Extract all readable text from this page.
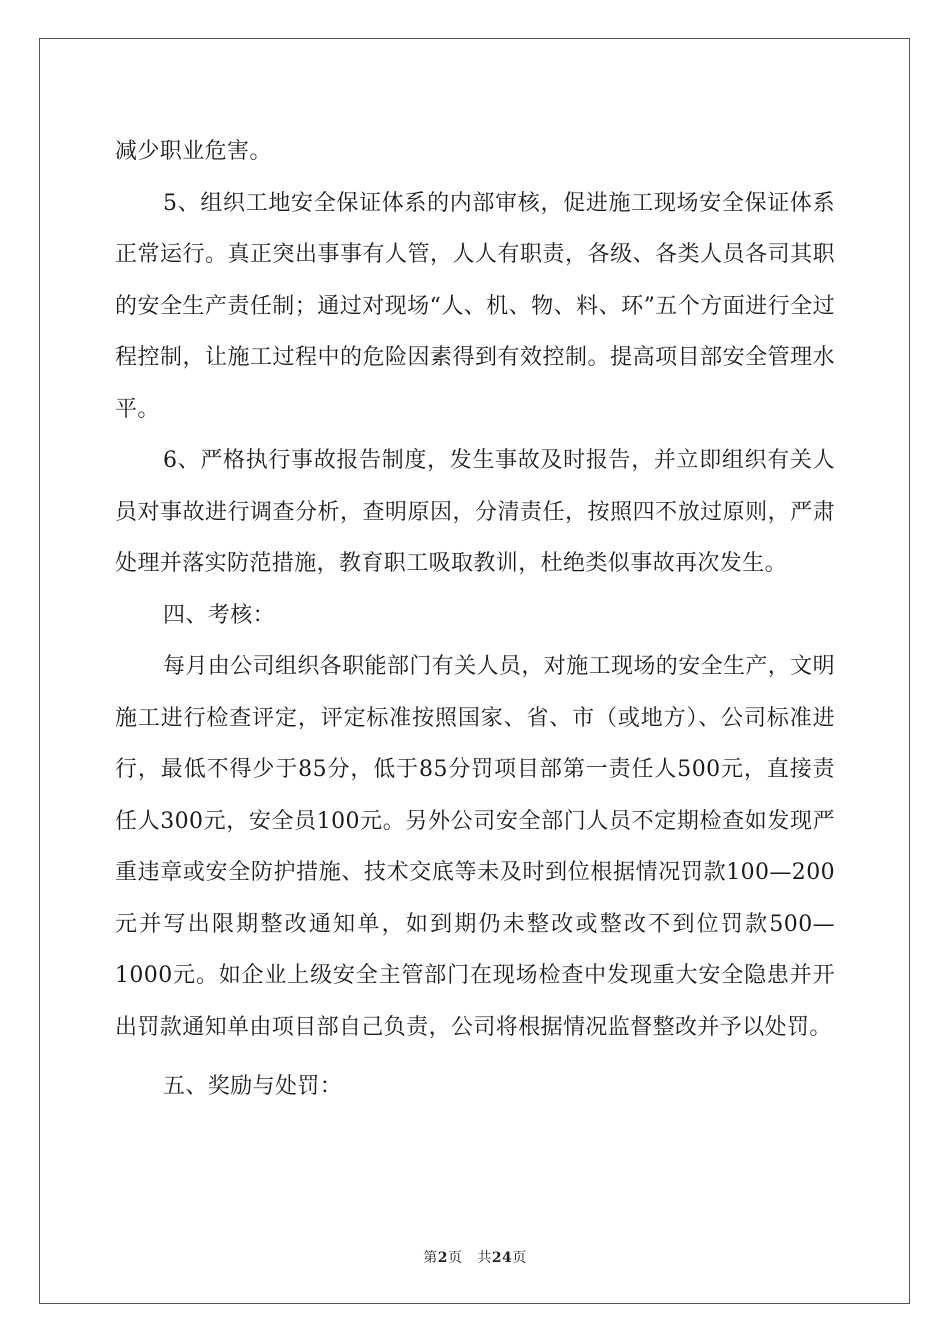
减少职业危害。

5、组织工地安全保证体系的内部审核，促进施工现场安全保证体系正常运行。真正突出事事有人管，人人有职责，各级、各类人员各司其职的安全生产责任制；通过对现场“人、机、物、料、环”五个方面进行全过程控制，让施工过程中的危险因素得到有效控制。提高项目部安全管理水平。

6、严格执行事故报告制度，发生事故及时报告，并立即组织有关人员对事故进行调查分析，查明原因，分清责任，按照四不放过原则，严肃处理并落实防范措施，教育职工吸取教训，杜绝类似事故再次发生。

四、考核：

每月由公司组织各职能部门有关人员，对施工现场的安全生产，文明施工进行检查评定，评定标准按照国家、省、市（或地方）、公司标准进行，最低不得少于85分，低于85分罚项目部第一责任人500元，直接责任人300元，安全员100元。另外公司安全部门人员不定期检查如发现严重违章或安全防护措施、技术交底等未及时到位根据情况罚款100—200元并写出限期整改通知单，如到期仍未整改或整改不到位罚款500—1000元。如企业上级安全主管部门在现场检查中发现重大安全隐患并开出罚款通知单由项目部自己负责，公司将根据情况监督整改并予以处罚。

五、奖励与处罚：

第2页 共24页
